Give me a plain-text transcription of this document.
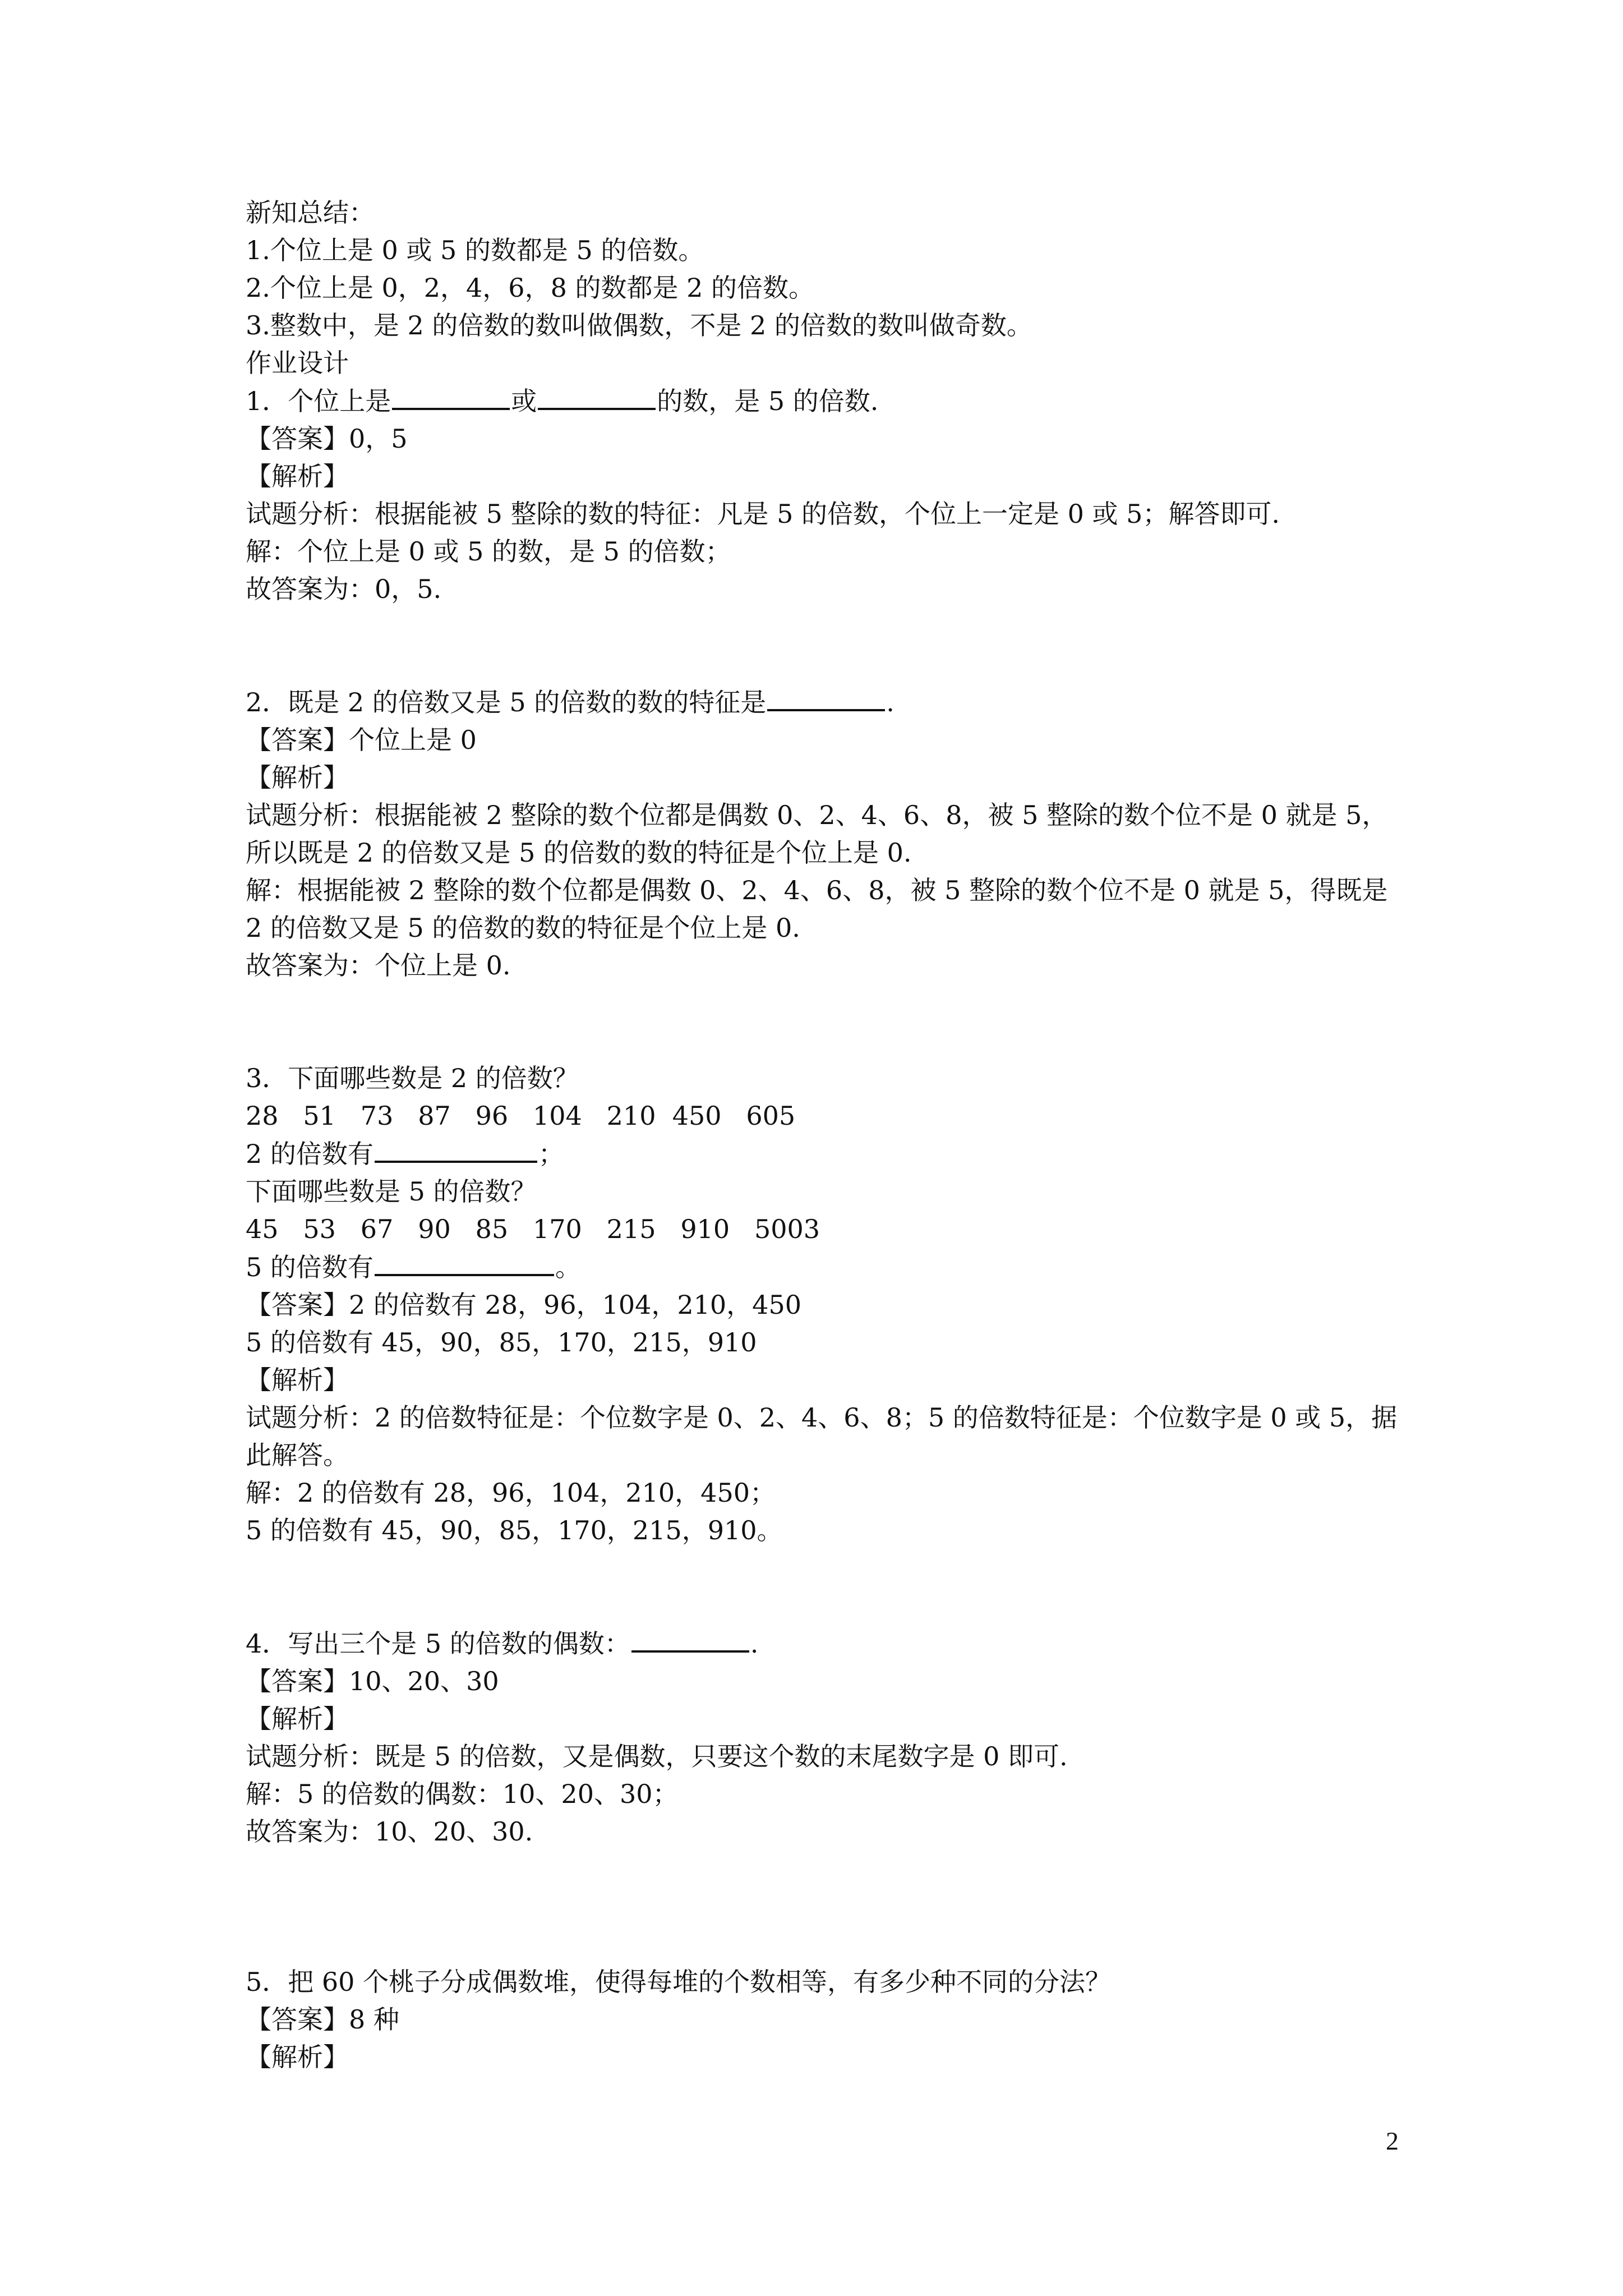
新知总结：
1.个位上是 0 或 5 的数都是 5 的倍数。
2.个位上是 0，2，4，6，8 的数都是 2 的倍数。
3.整数中，是 2 的倍数的数叫做偶数，不是 2 的倍数的数叫做奇数。
作业设计
1．个位上是	或	的数，是 5 的倍数.
【答案】0，5
【解析】
试题分析：根据能被 5 整除的数的特征：凡是 5 的倍数，个位上一定是 0 或 5；解答即可.
解：个位上是 0 或 5 的数，是 5 的倍数；
故答案为：0，5.
2．既是 2 的倍数又是 5 的倍数的数的特征是	.
【答案】个位上是 0
【解析】
试题分析：根据能被 2 整除的数个位都是偶数 0、2、4、6、8，被 5 整除的数个位不是 0 就是 5，所以既是 2 的倍数又是 5 的倍数的数的特征是个位上是 0.
解：根据能被 2 整除的数个位都是偶数 0、2、4、6、8，被 5 整除的数个位不是 0 就是 5，得既是 2 的倍数又是 5 的倍数的数的特征是个位上是 0.
故答案为：个位上是 0.
3．下面哪些数是 2 的倍数？
28   51   73   87   96   104   210  450   605
2 的倍数有	；
下面哪些数是 5 的倍数？
45   53   67   90   85   170   215   910   5003
5 的倍数有	。
【答案】2 的倍数有 28，96，104，210，450
5 的倍数有 45，90，85，170，215，910
【解析】
试题分析：2 的倍数特征是：个位数字是 0、2、4、6、8；5 的倍数特征是：个位数字是 0 或 5，据此解答。
解：2 的倍数有 28，96，104，210，450；
5 的倍数有 45，90，85，170，215，910。
4．写出三个是 5 的倍数的偶数：	.
【答案】10、20、30
【解析】
试题分析：既是 5 的倍数，又是偶数，只要这个数的末尾数字是 0 即可.
解：5 的倍数的偶数：10、20、30；
故答案为：10、20、30.
5．把 60 个桃子分成偶数堆，使得每堆的个数相等，有多少种不同的分法？
【答案】8 种
【解析】
2
